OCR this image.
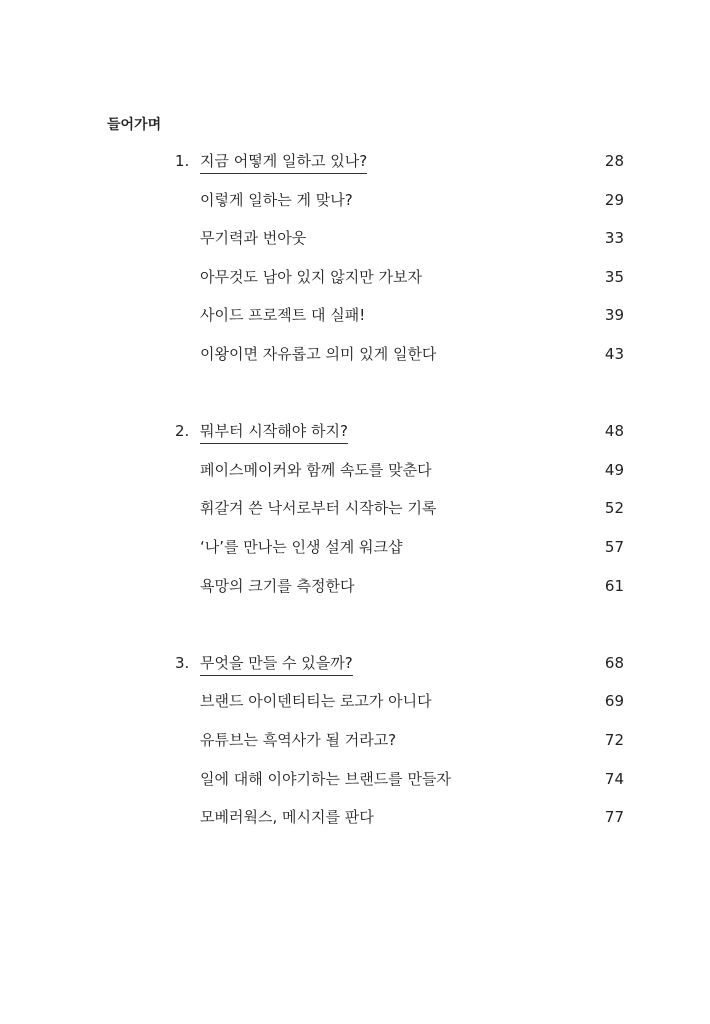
들어가며
1. 지금 어떻게 일하고 있나?	28
이렇게 일하는 게 맞나?	29
무기력과 번아웃	33
아무것도 남아 있지 않지만 가보자	35
사이드 프로젝트 대 실패!	39
이왕이면 자유롭고 의미 있게 일한다	43
2. 뭐부터 시작해야 하지?	48
페이스메이커와 함께 속도를 맞춘다	49
휘갈겨 쓴 낙서로부터 시작하는 기록	52
‘나’를 만나는 인생 설계 워크샵	57
욕망의 크기를 측정한다	61
3. 무엇을 만들 수 있을까?	68
브랜드 아이덴티티는 로고가 아니다	69
유튜브는 흑역사가 될 거라고?	72
일에 대해 이야기하는 브랜드를 만들자	74
모베러웍스, 메시지를 판다	77
